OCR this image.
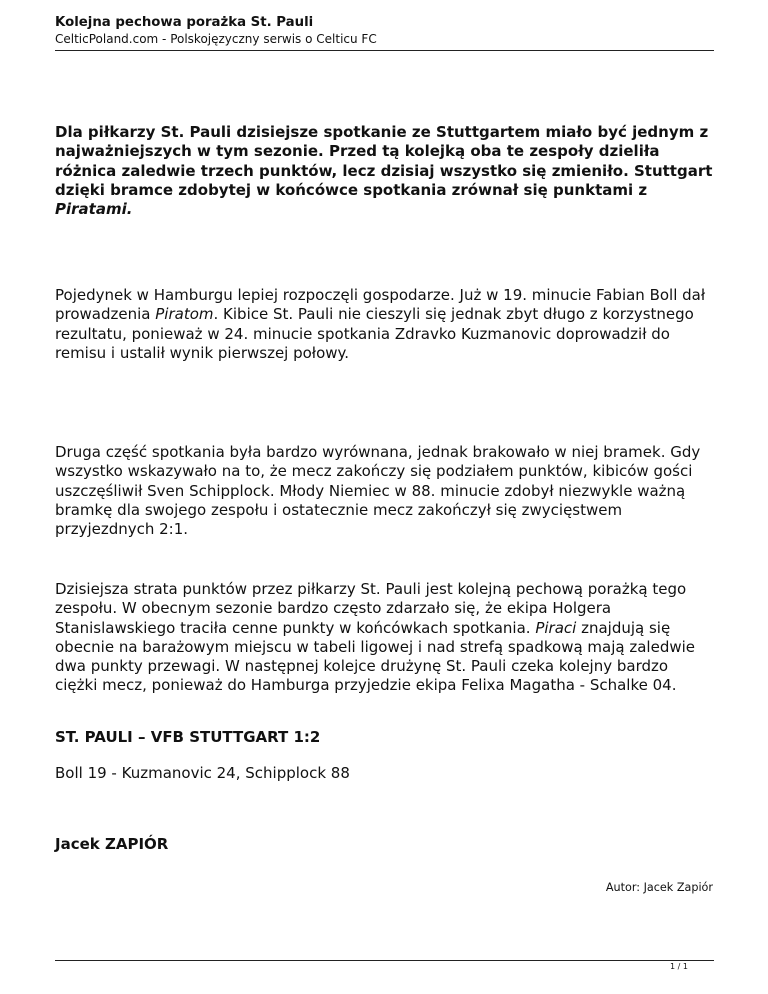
Kolejna pechowa porażka St. Pauli
CelticPoland.com - Polskojęzyczny serwis o Celticu FC

Dla piłkarzy St. Pauli dzisiejsze spotkanie ze Stuttgartem miało być jednym z najważniejszych w tym sezonie. Przed tą kolejką oba te zespoły dzieliła różnica zaledwie trzech punktów, lecz dzisiaj wszystko się zmieniło. Stuttgart dzięki bramce zdobytej w końcówce spotkania zrównał się punktami z Piratami.

Pojedynek w Hamburgu lepiej rozpoczęli gospodarze. Już w 19. minucie Fabian Boll dał prowadzenia Piratom. Kibice St. Pauli nie cieszyli się jednak zbyt długo z korzystnego rezultatu, ponieważ w 24. minucie spotkania Zdravko Kuzmanovic doprowadził do remisu i ustalił wynik pierwszej połowy.

Druga część spotkania była bardzo wyrównana, jednak brakowało w niej bramek. Gdy wszystko wskazywało na to, że mecz zakończy się podziałem punktów, kibiców gości uszczęśliwił Sven Schipplock. Młody Niemiec w 88. minucie zdobył niezwykle ważną bramkę dla swojego zespołu i ostatecznie mecz zakończył się zwycięstwem przyjezdnych 2:1.

Dzisiejsza strata punktów przez piłkarzy St. Pauli jest kolejną pechową porażką tego zespołu. W obecnym sezonie bardzo często zdarzało się, że ekipa Holgera Stanislawskiego traciła cenne punkty w końcówkach spotkania. Piraci znajdują się obecnie na barażowym miejscu w tabeli ligowej i nad strefą spadkową mają zaledwie dwa punkty przewagi. W następnej kolejce drużynę St. Pauli czeka kolejny bardzo ciężki mecz, ponieważ do Hamburga przyjedzie ekipa Felixa Magatha - Schalke 04.

ST. PAULI – VFB STUTTGART 1:2

Boll 19 - Kuzmanovic 24, Schipplock 88

Jacek ZAPIÓR

Autor: Jacek Zapiór
1 / 1
